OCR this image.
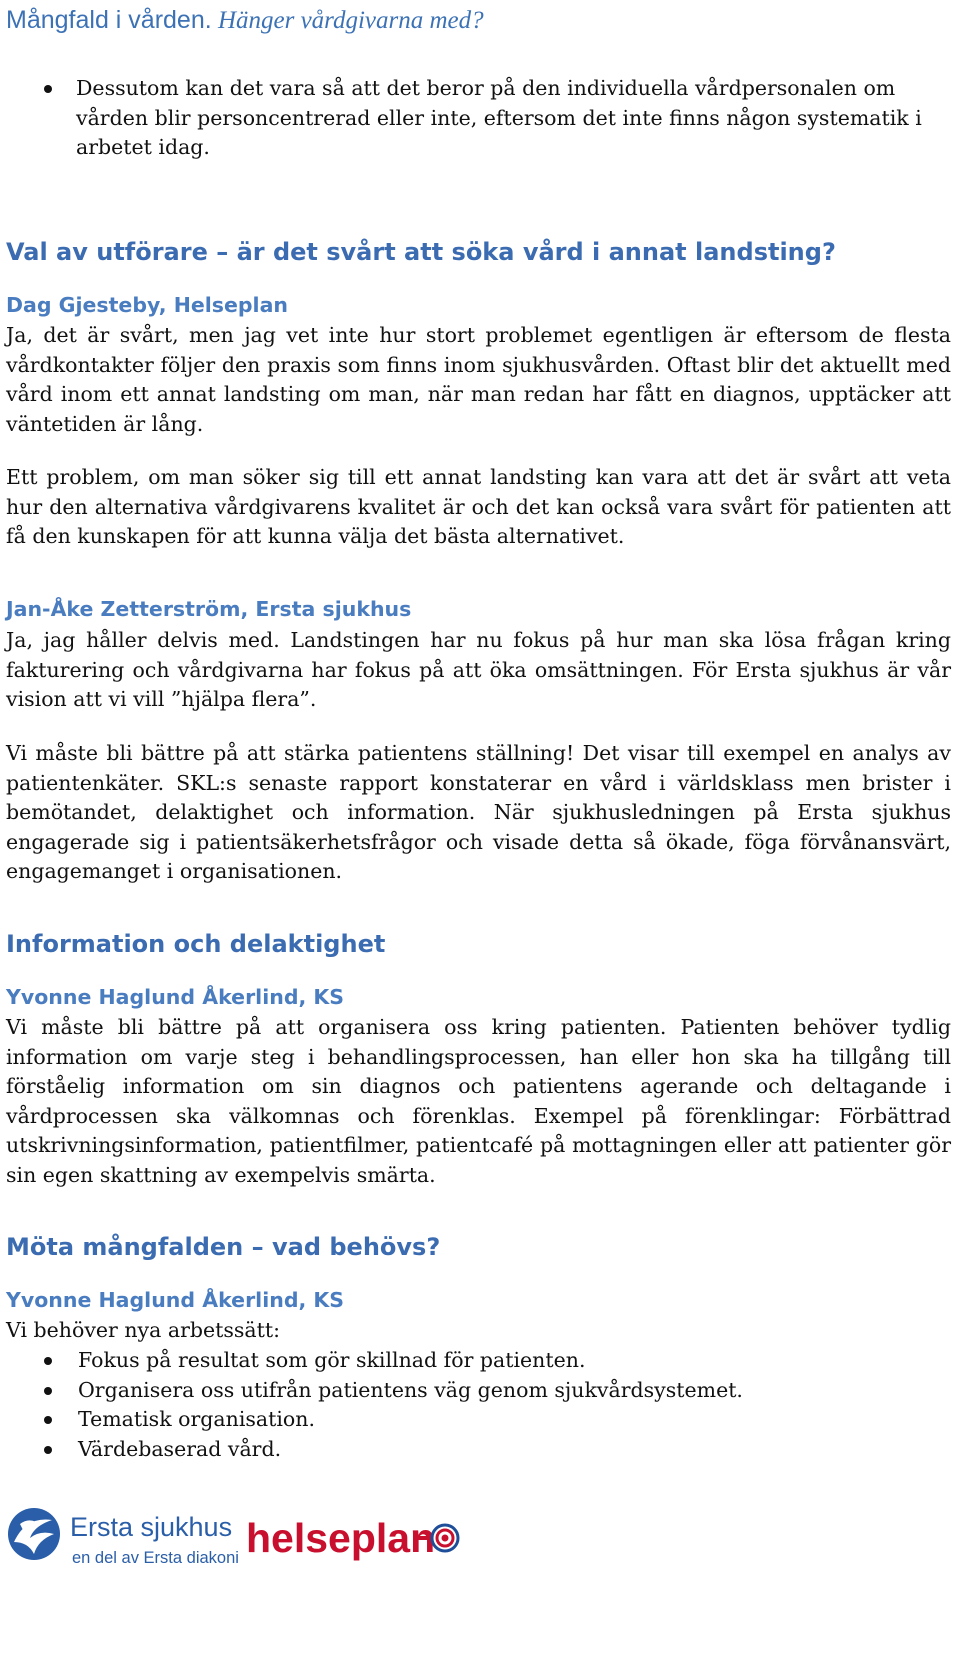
Mångfald i vården. Hänger vårdgivarna med?
Dessutom kan det vara så att det beror på den individuella vårdpersonalen om vården blir personcentrerad eller inte, eftersom det inte finns någon systematik i arbetet idag.
Val av utförare – är det svårt att söka vård i annat landsting?
Dag Gjesteby, Helseplan

Ja, det är svårt, men jag vet inte hur stort problemet egentligen är eftersom de flesta vårdkontakter följer den praxis som finns inom sjukhusvården. Oftast blir det aktuellt med vård inom ett annat landsting om man, när man redan har fått en diagnos, upptäcker att väntetiden är lång.

Ett problem, om man söker sig till ett annat landsting kan vara att det är svårt att veta hur den alternativa vårdgivarens kvalitet är och det kan också vara svårt för patienten att få den kunskapen för att kunna välja det bästa alternativet.

Jan-Åke Zetterström, Ersta sjukhus

Ja, jag håller delvis med. Landstingen har nu fokus på hur man ska lösa frågan kring fakturering och vårdgivarna har fokus på att öka omsättningen. För Ersta sjukhus är vår vision att vi vill ”hjälpa flera”.

Vi måste bli bättre på att stärka patientens ställning! Det visar till exempel en analys av patientenkäter. SKL:s senaste rapport konstaterar en vård i världsklass men brister i bemötandet, delaktighet och information. När sjukhusledningen på Ersta sjukhus engagerade sig i patientsäkerhetsfrågor och visade detta så ökade, föga förvånansvärt, engagemanget i organisationen.

Information och delaktighet
Yvonne Haglund Åkerlind, KS

Vi måste bli bättre på att organisera oss kring patienten. Patienten behöver tydlig information om varje steg i behandlingsprocessen, han eller hon ska ha tillgång till förståelig information om sin diagnos och patientens agerande och deltagande i vårdprocessen ska välkomnas och förenklas. Exempel på förenklingar: Förbättrad utskrivningsinformation, patientfilmer, patientcafé på mottagningen eller att patienter gör sin egen skattning av exempelvis smärta.

Möta mångfalden – vad behövs?
Yvonne Haglund Åkerlind, KS

Vi behöver nya arbetssätt:

Fokus på resultat som gör skillnad för patienten.
Organisera oss utifrån patientens väg genom sjukvårdsystemet.
Tematisk organisation.
Värdebaserad vård.
Ersta sjukhus
en del av Ersta diakoni helseplan
